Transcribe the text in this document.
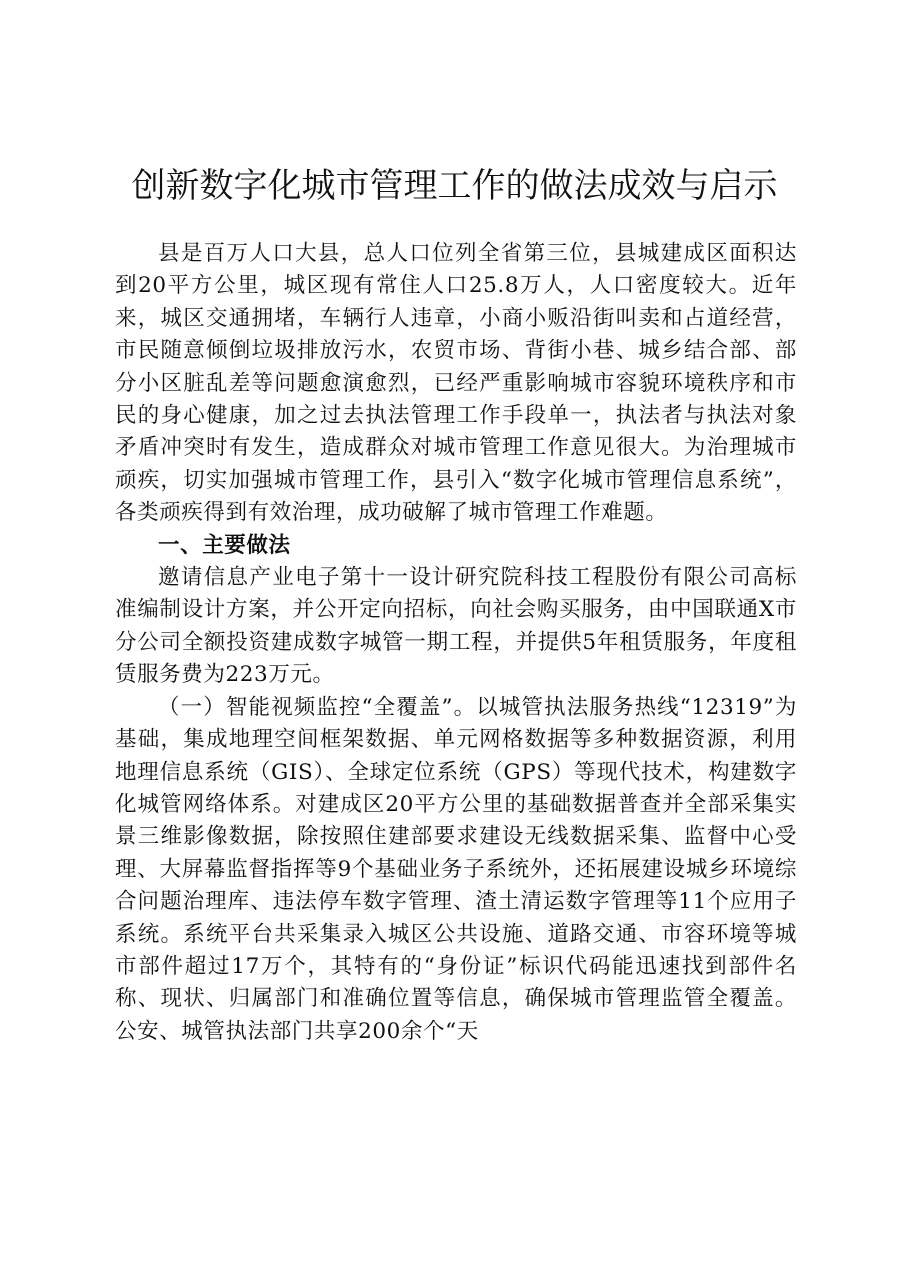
创新数字化城市管理工作的做法成效与启示

县是百万人口大县，总人口位列全省第三位，县城建成区面积达到20平方公里，城区现有常住人口25.8万人，人口密度较大。近年来，城区交通拥堵，车辆行人违章，小商小贩沿街叫卖和占道经营，市民随意倾倒垃圾排放污水，农贸市场、背街小巷、城乡结合部、部分小区脏乱差等问题愈演愈烈，已经严重影响城市容貌环境秩序和市民的身心健康，加之过去执法管理工作手段单一，执法者与执法对象矛盾冲突时有发生，造成群众对城市管理工作意见很大。为治理城市顽疾，切实加强城市管理工作，县引入“数字化城市管理信息系统”，各类顽疾得到有效治理，成功破解了城市管理工作难题。

一、主要做法

邀请信息产业电子第十一设计研究院科技工程股份有限公司高标准编制设计方案，并公开定向招标，向社会购买服务，由中国联通X市分公司全额投资建成数字城管一期工程，并提供5年租赁服务，年度租赁服务费为223万元。

（一）智能视频监控“全覆盖”。以城管执法服务热线“12319”为基础，集成地理空间框架数据、单元网格数据等多种数据资源，利用地理信息系统（GIS）、全球定位系统（GPS）等现代技术，构建数字化城管网络体系。对建成区20平方公里的基础数据普查并全部采集实景三维影像数据，除按照住建部要求建设无线数据采集、监督中心受理、大屏幕监督指挥等9个基础业务子系统外，还拓展建设城乡环境综合问题治理库、违法停车数字管理、渣土清运数字管理等11个应用子系统。系统平台共采集录入城区公共设施、道路交通、市容环境等城市部件超过17万个，其特有的“身份证”标识代码能迅速找到部件名称、现状、归属部门和准确位置等信息，确保城市管理监管全覆盖。公安、城管执法部门共享200余个“天
